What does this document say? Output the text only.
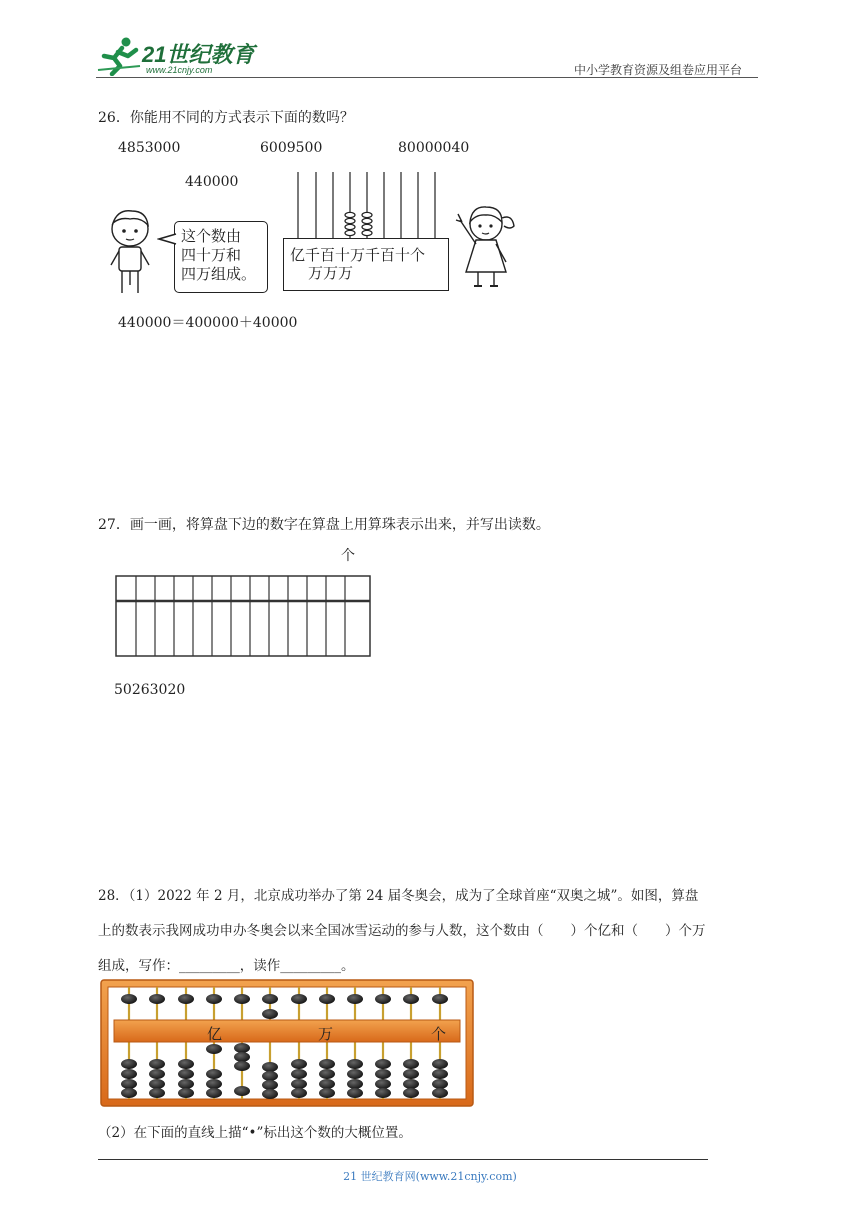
21世纪教育
www.21cnjy.com	中小学教育资源及组卷应用平台
26．你能用不同的方式表示下面的数吗？
4853000	6009500	80000040
440000
这个数由
四十万和
四万组成。
亿千百十万千百十个
万万万
440000＝400000＋40000
27．画一画，将算盘下边的数字在算盘上用算珠表示出来，并写出读数。
个
50263020
28．（1）2022 年 2 月，北京成功举办了第 24 届冬奥会，成为了全球首座“双奥之城”。如图，算盘
上的数表示我网成功申办冬奥会以来全国冰雪运动的参与人数，这个数由（　　）个亿和（　　）个万
组成，写作：_________，读作_________。
亿	万	个
（2）在下面的直线上描“•”标出这个数的大概位置。
21 世纪教育网(www.21cnjy.com)
